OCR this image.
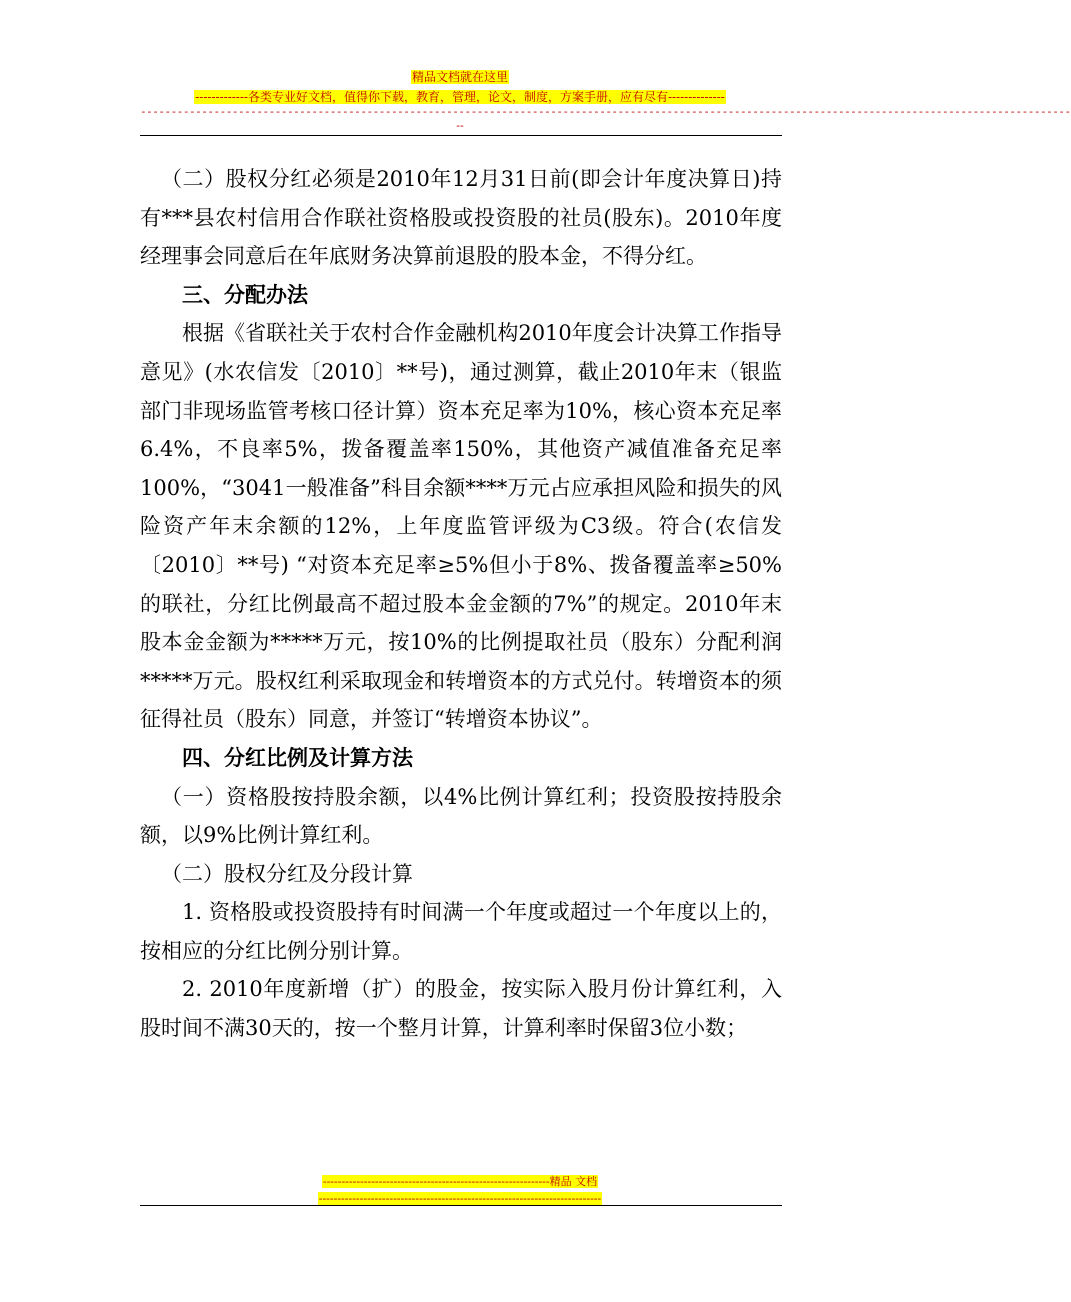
精品文档就在这里
-------------各类专业好文档，值得你下载，教育，管理，论文，制度，方案手册，应有尽有--------------
--------------------------------------------------------------------------------------------------------------------------------------------------------
--

（二）股权分红必须是2010年12月31日前(即会计年度决算日)持有***县农村信用合作联社资格股或投资股的社员(股东)。2010年度经理事会同意后在年底财务决算前退股的股本金，不得分红。

三、分配办法

根据《省联社关于农村合作金融机构2010年度会计决算工作指导意见》(水农信发〔2010〕**号)，通过测算，截止2010年末（银监部门非现场监管考核口径计算）资本充足率为10%，核心资本充足率6.4%，不良率5%，拨备覆盖率150%，其他资产减值准备充足率100%，“3041一般准备”科目余额****万元占应承担风险和损失的风险资产年末余额的12%，上年度监管评级为C3级。符合(农信发〔2010〕**号) “对资本充足率≥5%但小于8%、拨备覆盖率≥50%的联社，分红比例最高不超过股本金金额的7%”的规定。2010年末股本金金额为*****万元，按10%的比例提取社员（股东）分配利润*****万元。股权红利采取现金和转增资本的方式兑付。转增资本的须征得社员（股东）同意，并签订“转增资本协议”。

四、分红比例及计算方法

（一）资格股按持股余额，以4%比例计算红利；投资股按持股余额，以9%比例计算红利。

（二）股权分红及分段计算

1. 资格股或投资股持有时间满一个年度或超过一个年度以上的，按相应的分红比例分别计算。

2. 2010年度新增（扩）的股金，按实际入股月份计算红利，入股时间不满30天的，按一个整月计算，计算利率时保留3位小数；

-------------------------------------------------------------精品 文档
----------------------------------------------------------------------------
